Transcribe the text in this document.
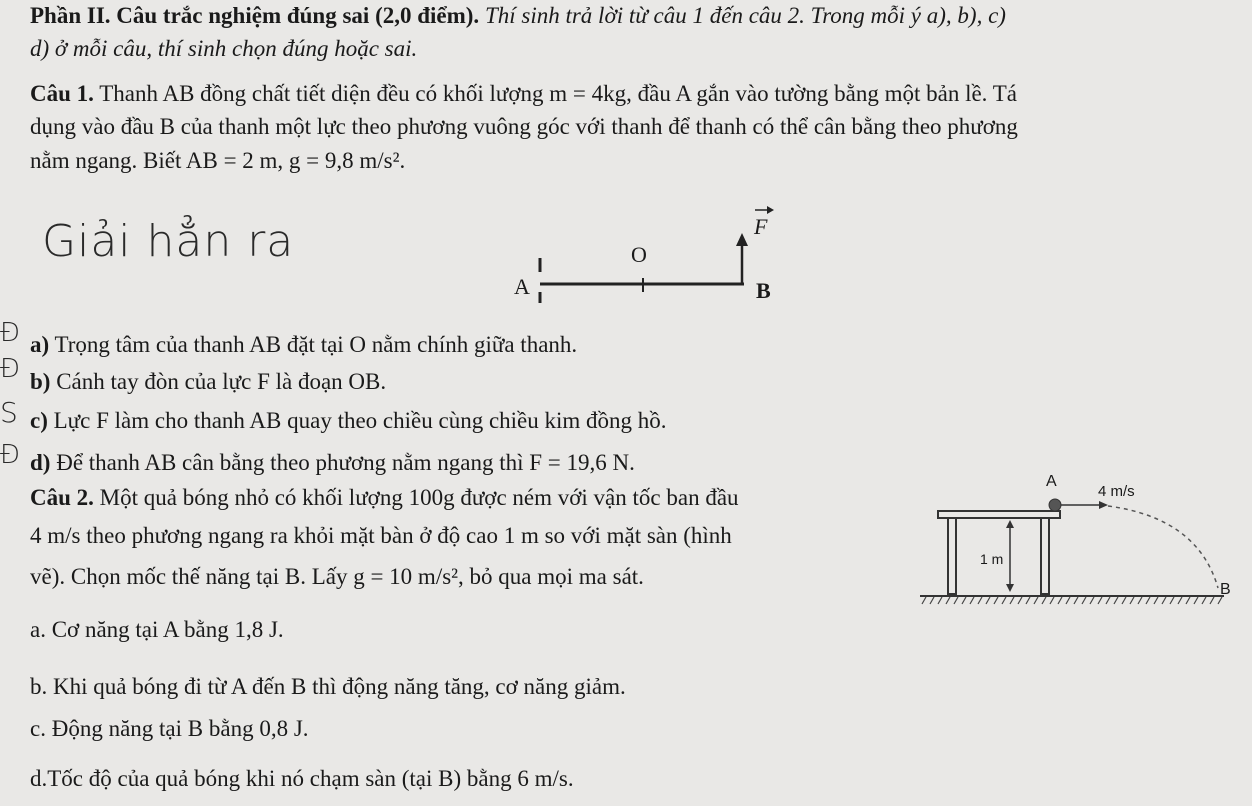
Phần II. Câu trắc nghiệm đúng sai (2,0 điểm). Thí sinh trả lời từ câu 1 đến câu 2. Trong mỗi ý a), b), c)
d) ở mỗi câu, thí sinh chọn đúng hoặc sai.
Câu 1. Thanh AB đồng chất tiết diện đều có khối lượng m = 4kg, đầu A gắn vào tường bằng một bản lề. Tá
dụng vào đầu B của thanh một lực theo phương vuông góc với thanh để thanh có thể cân bằng theo phương
nằm ngang. Biết AB = 2 m, g = 9,8 m/s².
Giải hẳn ra
A
O
B
F
Đ a) Trọng tâm của thanh AB đặt tại O nằm chính giữa thanh.
Đ b) Cánh tay đòn của lực F là đoạn OB.
S c) Lực F làm cho thanh AB quay theo chiều cùng chiều kim đồng hồ.
Đ d) Để thanh AB cân bằng theo phương nằm ngang thì F = 19,6 N.
Câu 2. Một quả bóng nhỏ có khối lượng 100g được ném với vận tốc ban đầu
4 m/s theo phương ngang ra khỏi mặt bàn ở độ cao 1 m so với mặt sàn (hình
vẽ). Chọn mốc thế năng tại B. Lấy g = 10 m/s², bỏ qua mọi ma sát.
1 m
A
4 m/s
B
a. Cơ năng tại A bằng 1,8 J.
b. Khi quả bóng đi từ A đến B thì động năng tăng, cơ năng giảm.
c. Động năng tại B bằng 0,8 J.
d.Tốc độ của quả bóng khi nó chạm sàn (tại B) bằng 6 m/s.
